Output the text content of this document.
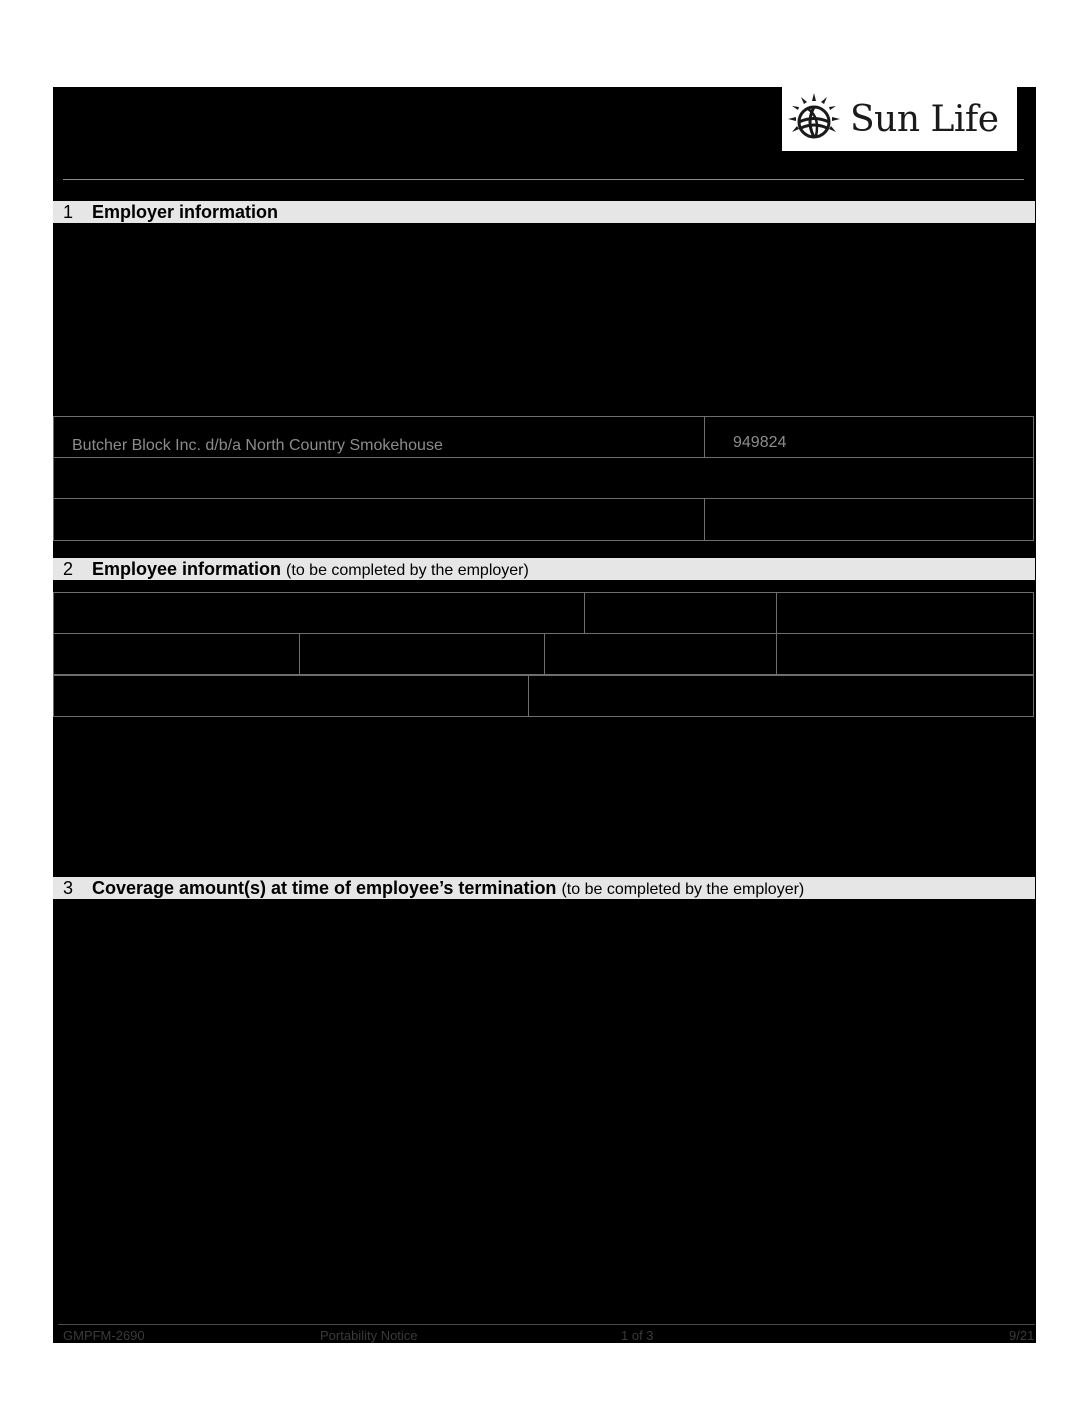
Sun Life
1 Employer information
Butcher Block Inc. d/b/a North Country Smokehouse	949824
2 Employee information (to be completed by the employer)
3 Coverage amount(s) at time of employee’s termination (to be completed by the employer)
GMPFM-2690	Portability Notice	1 of 3	9/21
